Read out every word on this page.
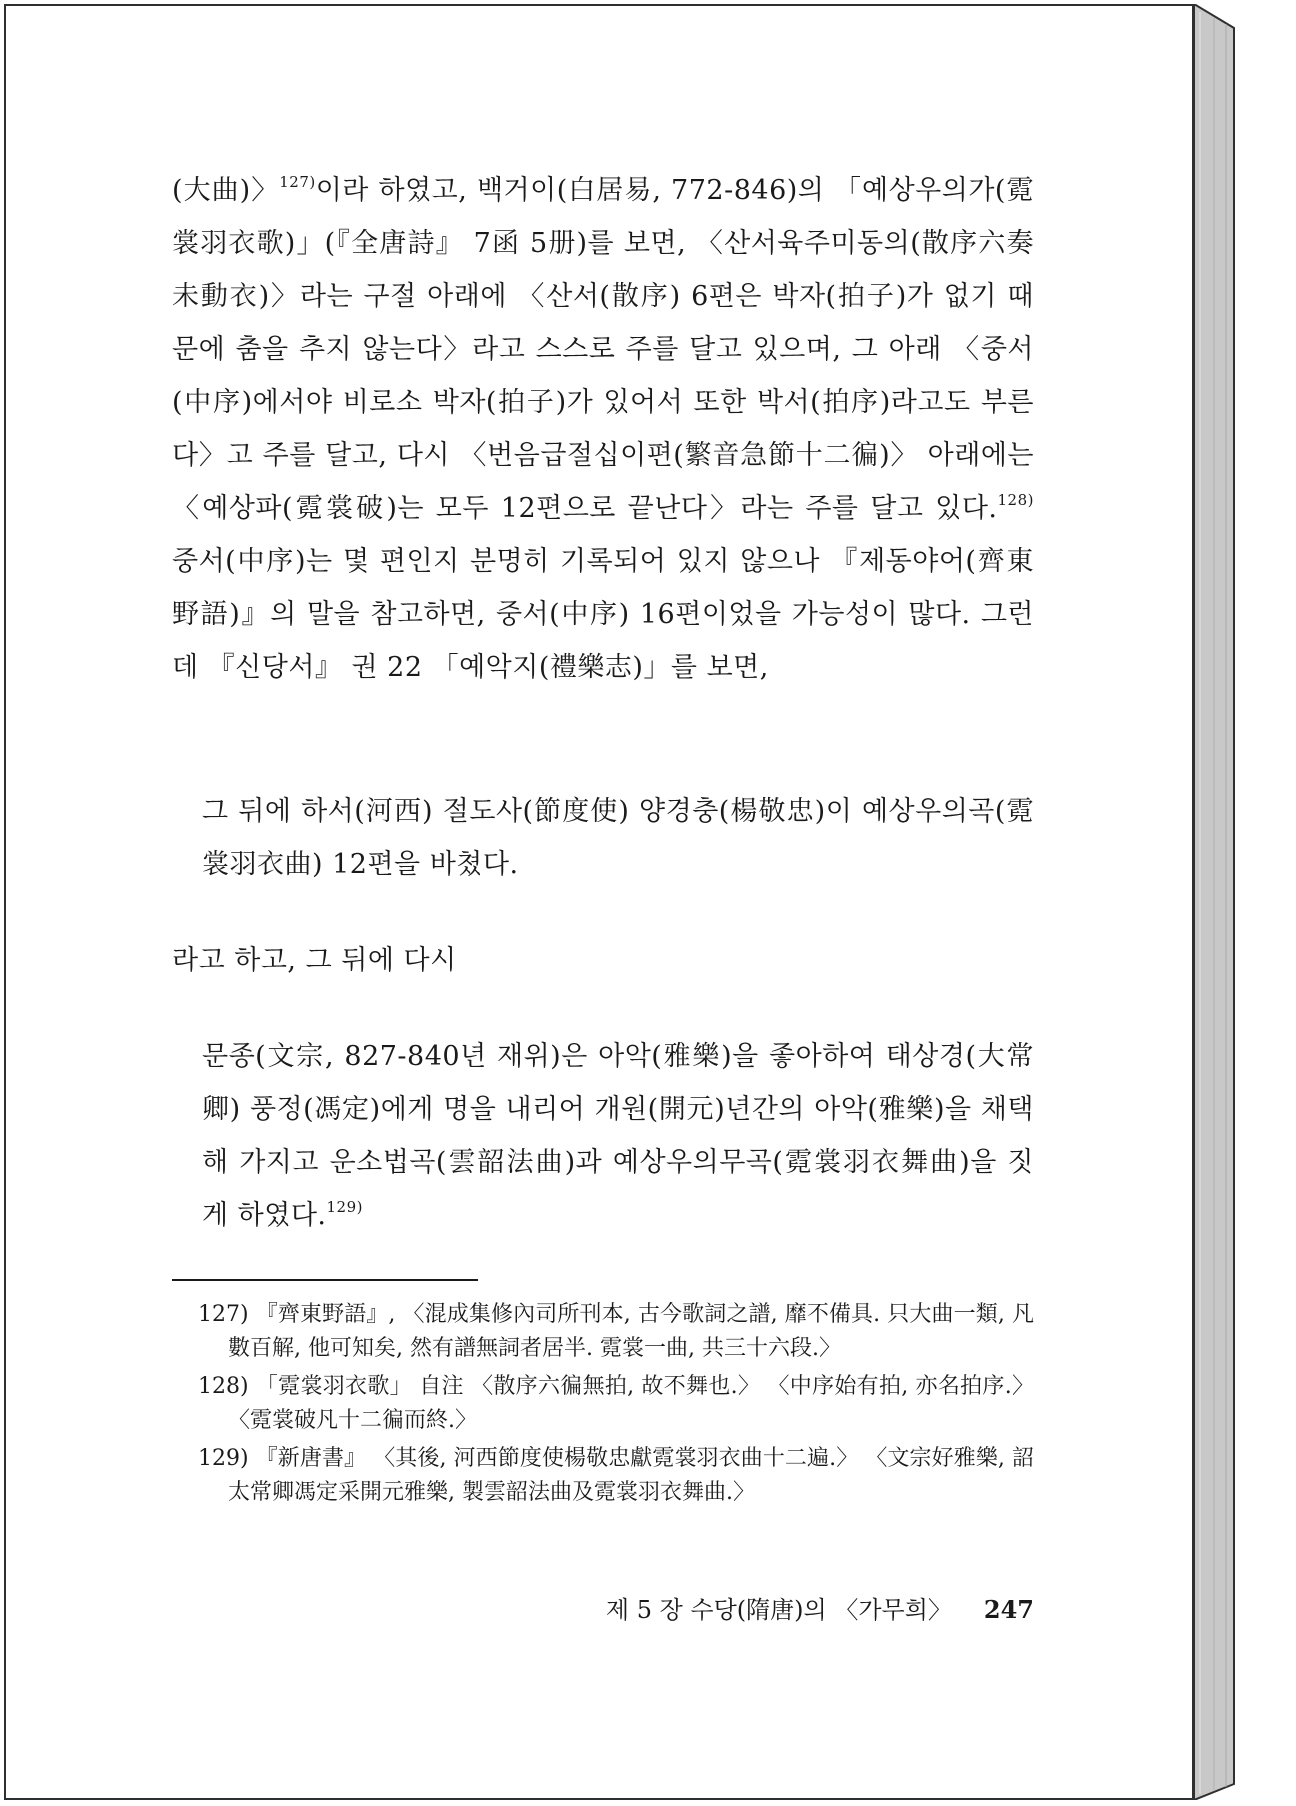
(大曲)〉$^{127)}$이라 하였고, 백거이(白居易, 772-846)의 「예상우의가(霓裳羽衣歌)」(『全唐詩』 7函 5册)를 보면, 〈산서육주미동의(散序六奏未動衣)〉라는 구절 아래에 〈산서(散序) 6편은 박자(拍子)가 없기 때문에 춤을 추지 않는다〉라고 스스로 주를 달고 있으며, 그 아래 〈중서(中序)에서야 비로소 박자(拍子)가 있어서 또한 박서(拍序)라고도 부른다〉고 주를 달고, 다시 〈번음급절십이편(繁音急節十二徧)〉 아래에는 〈예상파(霓裳破)는 모두 12편으로 끝난다〉라는 주를 달고 있다.$^{128)}$ 중서(中序)는 몇 편인지 분명히 기록되어 있지 않으나 『제동야어(齊東野語)』의 말을 참고하면, 중서(中序) 16편이었을 가능성이 많다. 그런데 『신당서』 권 22 「예악지(禮樂志)」를 보면,
그 뒤에 하서(河西) 절도사(節度使) 양경충(楊敬忠)이 예상우의곡(霓裳羽衣曲) 12편을 바쳤다.
라고 하고, 그 뒤에 다시
문종(文宗, 827-840년 재위)은 아악(雅樂)을 좋아하여 태상경(大常卿) 풍정(馮定)에게 명을 내리어 개원(開元)년간의 아악(雅樂)을 채택해 가지고 운소법곡(雲韶法曲)과 예상우의무곡(霓裳羽衣舞曲)을 짓게 하였다.$^{129)}$
127) 『齊東野語』, 〈混成集修內司所刊本, 古今歌詞之譜, 靡不備具. 只大曲一類, 凡數百解, 他可知矣, 然有譜無詞者居半. 霓裳一曲, 共三十六段.〉
128) 「霓裳羽衣歌」 自注 〈散序六徧無拍, 故不舞也.〉 〈中序始有拍, 亦名拍序.〉 〈霓裳破凡十二徧而終.〉
129) 『新唐書』 〈其後, 河西節度使楊敬忠獻霓裳羽衣曲十二遍.〉 〈文宗好雅樂, 詔太常卿馮定采開元雅樂, 製雲韶法曲及霓裳羽衣舞曲.〉
제 5 장 수당(隋唐)의 〈가무희〉 247
